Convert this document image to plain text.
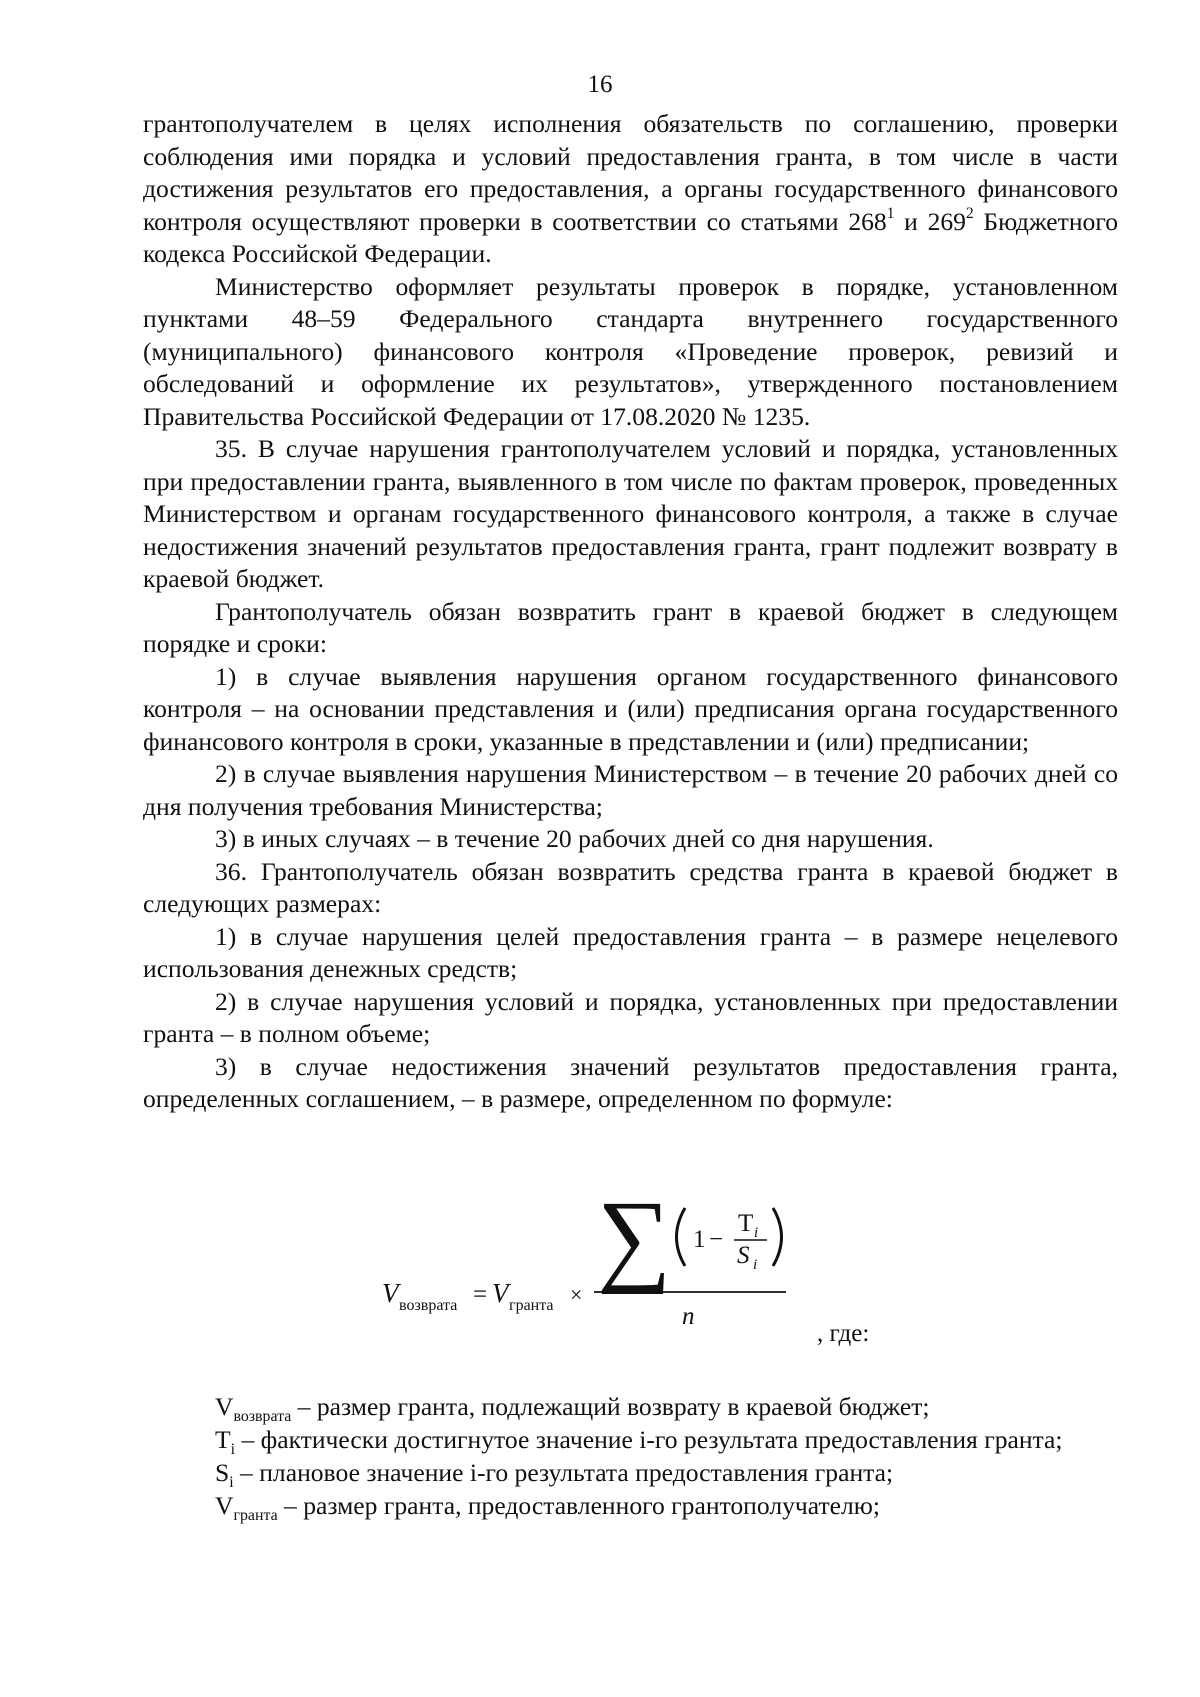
16

грантополучателем в целях исполнения обязательств по соглашению, проверки соблюдения ими порядка и условий предоставления гранта, в том числе в части достижения результатов его предоставления, а органы государственного финансового контроля осуществляют проверки в соответствии со статьями $268^1$ и $269^2$ Бюджетного кодекса Российской Федерации.

Министерство оформляет результаты проверок в порядке, установленном пунктами 48–59 Федерального стандарта внутреннего государственного (муниципального) финансового контроля «Проведение проверок, ревизий и обследований и оформление их результатов», утвержденного постановлением Правительства Российской Федерации от 17.08.2020 № 1235.

35. В случае нарушения грантополучателем условий и порядка, установленных при предоставлении гранта, выявленного в том числе по фактам проверок, проведенных Министерством и органам государственного финансового контроля, а также в случае недостижения значений результатов предоставления гранта, грант подлежит возврату в краевой бюджет.

Грантополучатель обязан возвратить грант в краевой бюджет в следующем порядке и сроки:

1) в случае выявления нарушения органом государственного финансового контроля – на основании представления и (или) предписания органа государственного финансового контроля в сроки, указанные в представлении и (или) предписании;

2) в случае выявления нарушения Министерством – в течение 20 рабочих дней со дня получения требования Министерства;

3) в иных случаях – в течение 20 рабочих дней со дня нарушения.

36. Грантополучатель обязан возвратить средства гранта в краевой бюджет в следующих размерах:

1) в случае нарушения целей предоставления гранта – в размере нецелевого использования денежных средств;

2) в случае нарушения условий и порядка, установленных при предоставлении гранта – в полном объеме;

3) в случае недостижения значений результатов предоставления гранта, определенных соглашением, – в размере, определенном по формуле:

V возврата = V гранта × ∑ 1 −
T i
S i
n
, где:

$V_{возврата}$ – размер гранта, подлежащий возврату в краевой бюджет;

$T_i$ – фактически достигнутое значение i-го результата предоставления гранта;

$S_i$ – плановое значение i-го результата предоставления гранта;

$V_{гранта}$ – размер гранта, предоставленного грантополучателю;
